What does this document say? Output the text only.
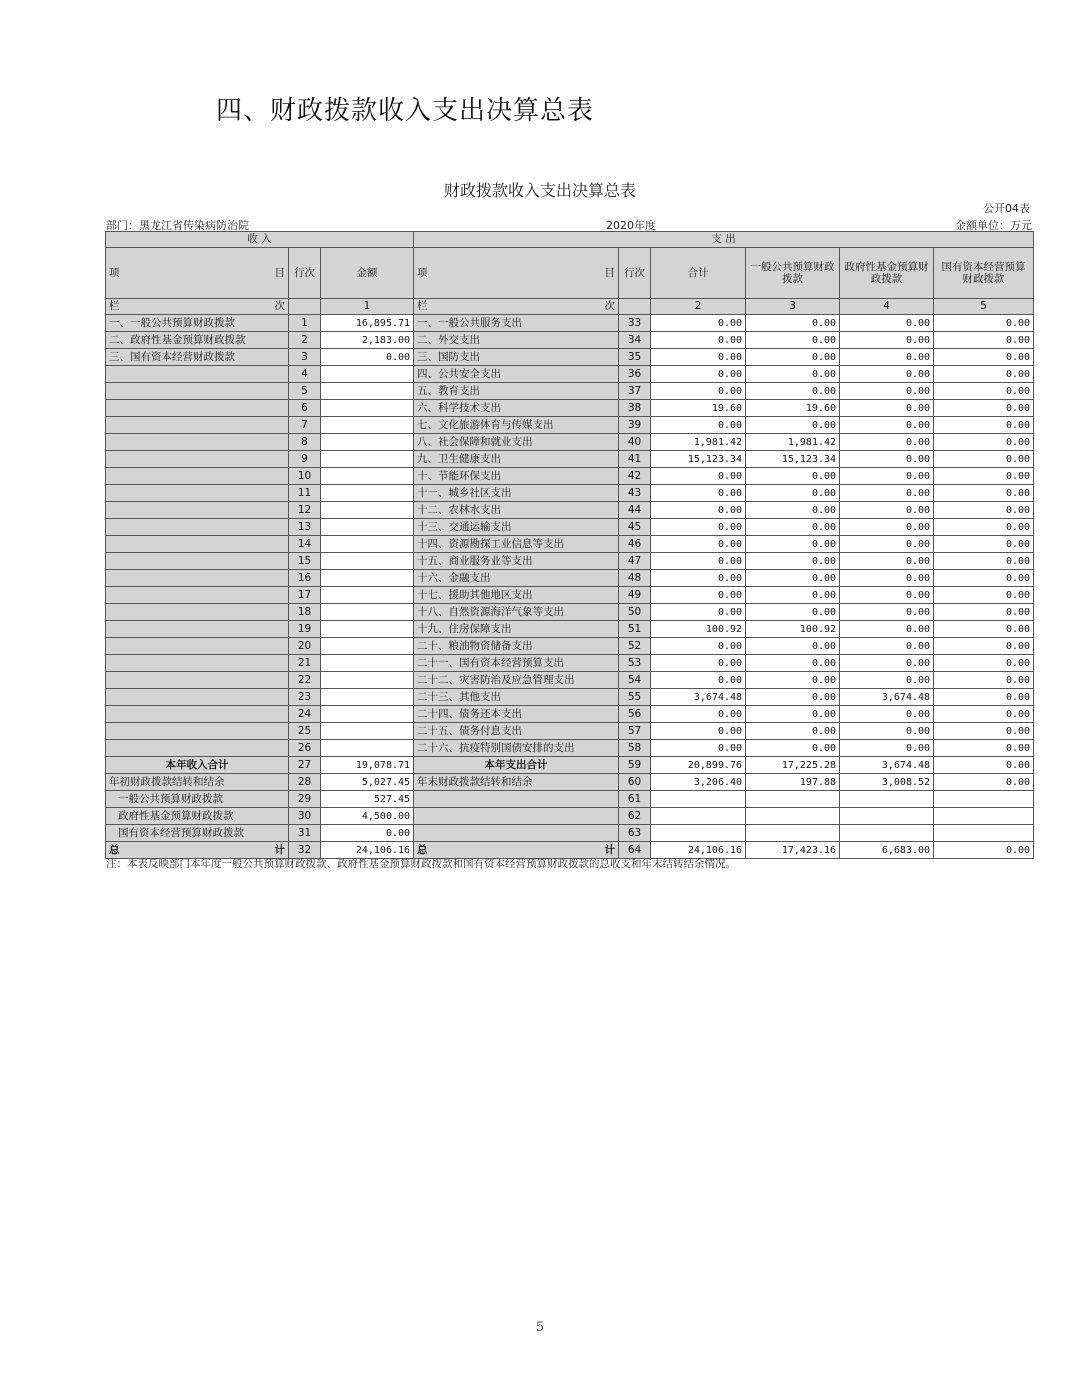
四、财政拨款收入支出决算总表
财政拨款收入支出决算总表
公开04表
部门：黑龙江省传染病防治院	2020年度	金额单位：万元
收 入			支 出					

项 目	行次	金额	项 目	行次	合计	一般公共预算财政拨款	政府性基金预算财政拨款	国有资本经营预算财政拨款

栏 次		1	栏 次		2	3	4	5
一、一般公共预算财政拨款	1	16,895.71	一、一般公共服务支出	33	0.00	0.00	0.00	0.00
二、政府性基金预算财政拨款	2	2,183.00	二、外交支出	34	0.00	0.00	0.00	0.00
三、国有资本经营财政拨款	3	0.00	三、国防支出	35	0.00	0.00	0.00	0.00
	4		四、公共安全支出	36	0.00	0.00	0.00	0.00
	5		五、教育支出	37	0.00	0.00	0.00	0.00
	6		六、科学技术支出	38	19.60	19.60	0.00	0.00
	7		七、文化旅游体育与传媒支出	39	0.00	0.00	0.00	0.00
	8		八、社会保障和就业支出	40	1,981.42	1,981.42	0.00	0.00
	9		九、卫生健康支出	41	15,123.34	15,123.34	0.00	0.00
	10		十、节能环保支出	42	0.00	0.00	0.00	0.00
	11		十一、城乡社区支出	43	0.00	0.00	0.00	0.00
	12		十二、农林水支出	44	0.00	0.00	0.00	0.00
	13		十三、交通运输支出	45	0.00	0.00	0.00	0.00
	14		十四、资源勘探工业信息等支出	46	0.00	0.00	0.00	0.00
	15		十五、商业服务业等支出	47	0.00	0.00	0.00	0.00
	16		十六、金融支出	48	0.00	0.00	0.00	0.00
	17		十七、援助其他地区支出	49	0.00	0.00	0.00	0.00
	18		十八、自然资源海洋气象等支出	50	0.00	0.00	0.00	0.00
	19		十九、住房保障支出	51	100.92	100.92	0.00	0.00
	20		二十、粮油物资储备支出	52	0.00	0.00	0.00	0.00
	21		二十一、国有资本经营预算支出	53	0.00	0.00	0.00	0.00
	22		二十二、灾害防治及应急管理支出	54	0.00	0.00	0.00	0.00
	23		二十三、其他支出	55	3,674.48	0.00	3,674.48	0.00
	24		二十四、债务还本支出	56	0.00	0.00	0.00	0.00
	25		二十五、债务付息支出	57	0.00	0.00	0.00	0.00
	26		二十六、抗疫特别国债安排的支出	58	0.00	0.00	0.00	0.00
本年收入合计	27	19,078.71	本年支出合计	59	20,899.76	17,225.28	3,674.48	0.00
年初财政拨款结转和结余	28	5,027.45	年末财政拨款结转和结余	60	3,206.40	197.88	3,008.52	0.00
一般公共预算财政拨款	29	527.45		61				
政府性基金预算财政拨款	30	4,500.00		62				
国有资本经营预算财政拨款	31	0.00		63				

总 计	32	24,106.16	总 计	64	24,106.16	17,423.16	6,683.00	0.00
注：本表反映部门本年度一般公共预算财政拨款、政府性基金预算财政拨款和国有资本经营预算财政拨款的总收支和年末结转结余情况。
5
